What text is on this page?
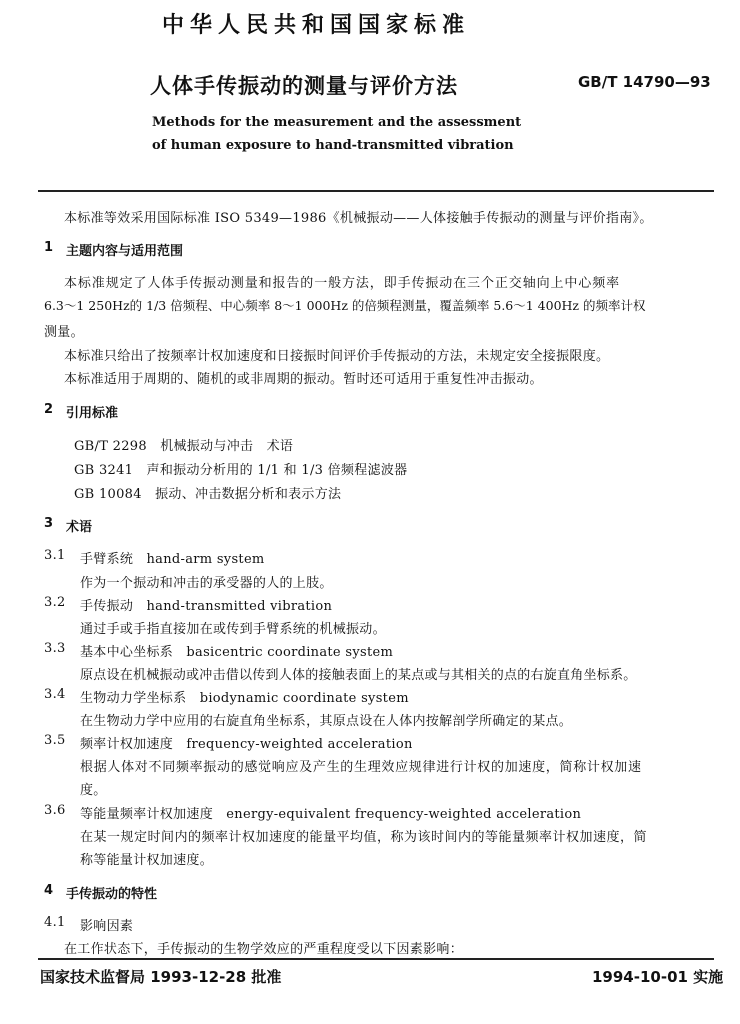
中华人民共和国国家标准
人体手传振动的测量与评价方法	GB/T 14790—93
Methods for the measurement and the assessment
of human exposure to hand-transmitted vibration
本标准等效采用国际标准 ISO 5349—1986《机械振动——人体接触手传振动的测量与评价指南》。
1 主题内容与适用范围
本标准规定了人体手传振动测量和报告的一般方法，即手传振动在三个正交轴向上中心频率
6.3～1 250Hz的 1/3 倍频程、中心频率 8～1 000Hz 的倍频程测量，覆盖频率 5.6～1 400Hz 的频率计权
测量。
本标准只给出了按频率计权加速度和日接振时间评价手传振动的方法，未规定安全接振限度。
本标准适用于周期的、随机的或非周期的振动。暂时还可适用于重复性冲击振动。
2 引用标准
GB/T 2298   机械振动与冲击   术语
GB 3241   声和振动分析用的 1/1 和 1/3 倍频程滤波器
GB 10084   振动、冲击数据分析和表示方法
3 术语
3.1 手臂系统   hand-arm system
作为一个振动和冲击的承受器的人的上肢。
3.2 手传振动   hand-transmitted vibration
通过手或手指直接加在或传到手臂系统的机械振动。
3.3 基本中心坐标系   basicentric coordinate system
原点设在机械振动或冲击借以传到人体的接触表面上的某点或与其相关的点的右旋直角坐标系。
3.4 生物动力学坐标系   biodynamic coordinate system
在生物动力学中应用的右旋直角坐标系，其原点设在人体内按解剖学所确定的某点。
3.5 频率计权加速度   frequency-weighted acceleration
根据人体对不同频率振动的感觉响应及产生的生理效应规律进行计权的加速度，简称计权加速
度。
3.6 等能量频率计权加速度   energy-equivalent frequency-weighted acceleration
在某一规定时间内的频率计权加速度的能量平均值，称为该时间内的等能量频率计权加速度，简
称等能量计权加速度。
4 手传振动的特性
4.1 影响因素
在工作状态下，手传振动的生物学效应的严重程度受以下因素影响：
国家技术监督局 1993-12-28 批准	1994-10-01 实施
